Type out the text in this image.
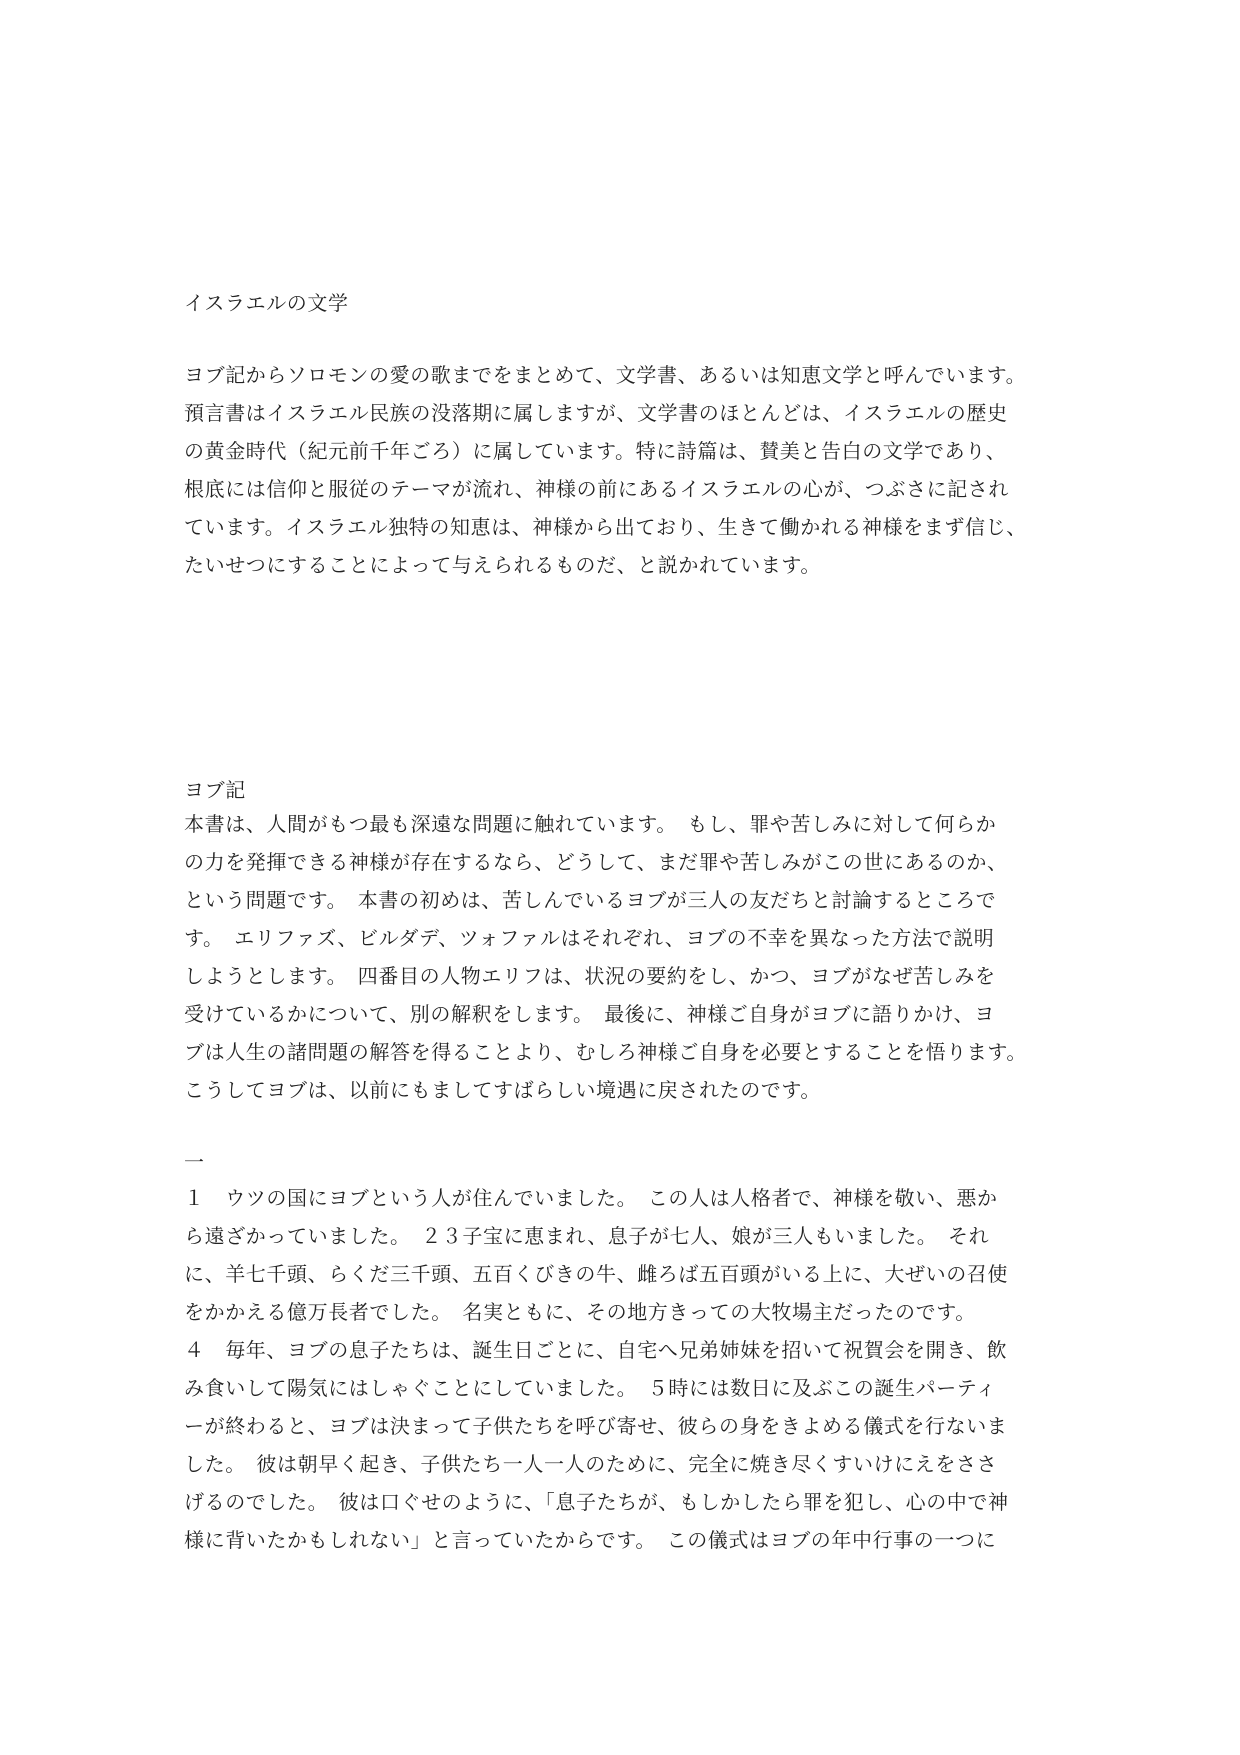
イスラエルの文学
ヨブ記からソロモンの愛の歌までをまとめて、文学書、あるいは知恵文学と呼んでいます。
預言書はイスラエル民族の没落期に属しますが、文学書のほとんどは、イスラエルの歴史
の黄金時代（紀元前千年ごろ）に属しています。特に詩篇は、賛美と告白の文学であり、
根底には信仰と服従のテーマが流れ、神様の前にあるイスラエルの心が、つぶさに記され
ています。イスラエル独特の知恵は、神様から出ており、生きて働かれる神様をまず信じ、
たいせつにすることによって与えられるものだ、と説かれています。
ヨブ記
本書は、人間がもつ最も深遠な問題に触れています。　もし、罪や苦しみに対して何らか
の力を発揮できる神様が存在するなら、どうして、まだ罪や苦しみがこの世にあるのか、
という問題です。　本書の初めは、苦しんでいるヨブが三人の友だちと討論するところで
す。　エリファズ、ビルダデ、ツォファルはそれぞれ、ヨブの不幸を異なった方法で説明
しようとします。　四番目の人物エリフは、状況の要約をし、かつ、ヨブがなぜ苦しみを
受けているかについて、別の解釈をします。　最後に、神様ご自身がヨブに語りかけ、ヨ
ブは人生の諸問題の解答を得ることより、むしろ神様ご自身を必要とすることを悟ります。
こうしてヨブは、以前にもましてすばらしい境遇に戻されたのです。
一
１　ウツの国にヨブという人が住んでいました。　この人は人格者で、神様を敬い、悪か
ら遠ざかっていました。　２３子宝に恵まれ、息子が七人、娘が三人もいました。　それ
に、羊七千頭、らくだ三千頭、五百くびきの牛、雌ろば五百頭がいる上に、大ぜいの召使
をかかえる億万長者でした。　名実ともに、その地方きっての大牧場主だったのです。
４　毎年、ヨブの息子たちは、誕生日ごとに、自宅へ兄弟姉妹を招いて祝賀会を開き、飲
み食いして陽気にはしゃぐことにしていました。　５時には数日に及ぶこの誕生パーティ
ーが終わると、ヨブは決まって子供たちを呼び寄せ、彼らの身をきよめる儀式を行ないま
した。　彼は朝早く起き、子供たち一人一人のために、完全に焼き尽くすいけにえをささ
げるのでした。　彼は口ぐせのように、「息子たちが、もしかしたら罪を犯し、心の中で神
様に背いたかもしれない」と言っていたからです。　この儀式はヨブの年中行事の一つに
